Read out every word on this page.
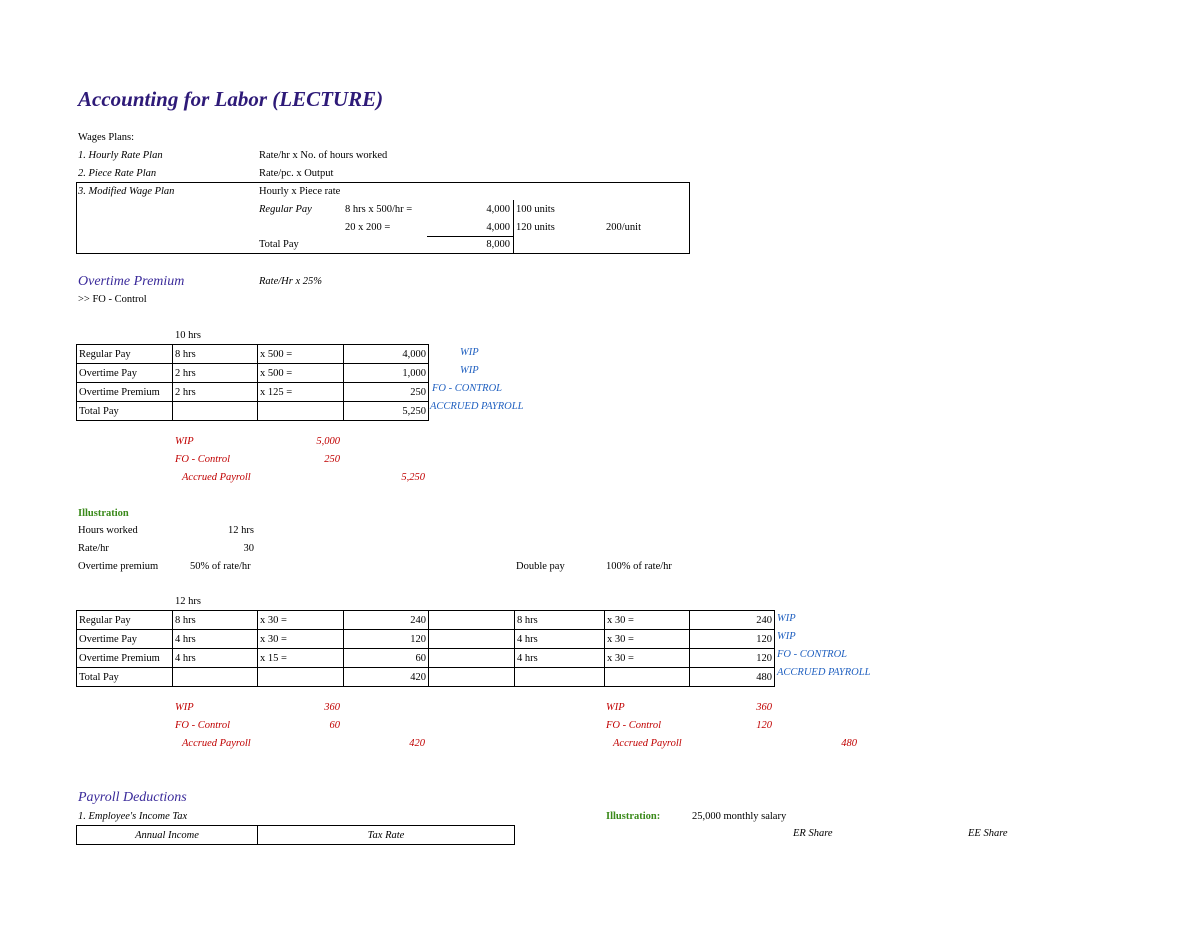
Accounting for Labor (LECTURE)
Wages Plans:
1. Hourly Rate Plan	Rate/hr x No. of hours worked
2. Piece Rate Plan	Rate/pc. x Output
3. Modified Wage Plan	Hourly x Piece rate
Regular Pay	8 hrs x 500/hr =	4,000 100 units
20 x 200 =	4,000 120 units	200/unit
Total Pay	8,000
Overtime Premium	Rate/Hr x 25%
>> FO - Control
10 hrs
Regular Pay	8 hrs	x 500 =	4,000
Overtime Pay	2 hrs	x 500 =	1,000
Overtime Premium	2 hrs	x 125 =	250
Total Pay			5,250
WIP
WIP
FO - CONTROL
ACCRUED PAYROLL
WIP	5,000
FO - Control	250
Accrued Payroll	5,250
Illustration
Hours worked	12 hrs
Rate/hr	30
Overtime premium	50% of rate/hr	Double pay	100% of rate/hr
12 hrs
Regular Pay	8 hrs	x 30 =	240		8 hrs	x 30 =	240
Overtime Pay	4 hrs	x 30 =	120		4 hrs	x 30 =	120
Overtime Premium	4 hrs	x 15 =	60		4 hrs	x 30 =	120
Total Pay			420				480
WIP
WIP
FO - CONTROL
ACCRUED PAYROLL
WIP	360
FO - Control	60
Accrued Payroll	420
WIP	360
FO - Control	120
Accrued Payroll	480
Payroll Deductions
1. Employee's Income Tax	Illustration:	25,000 monthly salary
Annual Income	Tax Rate	ER Share	EE Share
